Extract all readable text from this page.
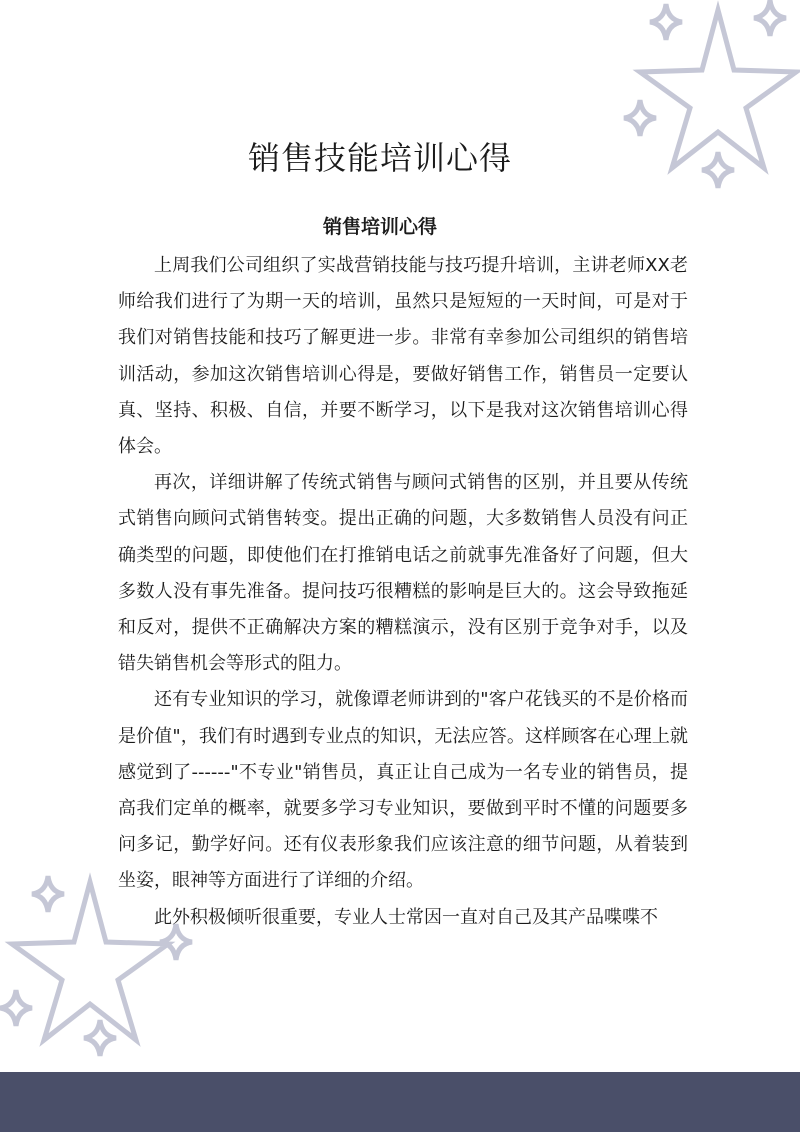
销售技能培训心得
销售培训心得

上周我们公司组织了实战营销技能与技巧提升培训，主讲老师XX老师给我们进行了为期一天的培训，虽然只是短短的一天时间，可是对于我们对销售技能和技巧了解更进一步。非常有幸参加公司组织的销售培训活动，参加这次销售培训心得是，要做好销售工作，销售员一定要认真、坚持、积极、自信，并要不断学习，以下是我对这次销售培训心得体会。

再次，详细讲解了传统式销售与顾问式销售的区别，并且要从传统式销售向顾问式销售转变。提出正确的问题，大多数销售人员没有问正确类型的问题，即使他们在打推销电话之前就事先准备好了问题，但大多数人没有事先准备。提问技巧很糟糕的影响是巨大的。这会导致拖延和反对，提供不正确解决方案的糟糕演示，没有区别于竞争对手，以及错失销售机会等形式的阻力。

还有专业知识的学习，就像谭老师讲到的"客户花钱买的不是价格而是价值"，我们有时遇到专业点的知识，无法应答。这样顾客在心理上就感觉到了------"不专业"销售员，真正让自己成为一名专业的销售员，提高我们定单的概率，就要多学习专业知识，要做到平时不懂的问题要多问多记，勤学好问。还有仪表形象我们应该注意的细节问题，从着装到坐姿，眼神等方面进行了详细的介绍。

此外积极倾听很重要，专业人士常因一直对自己及其产品喋喋不
